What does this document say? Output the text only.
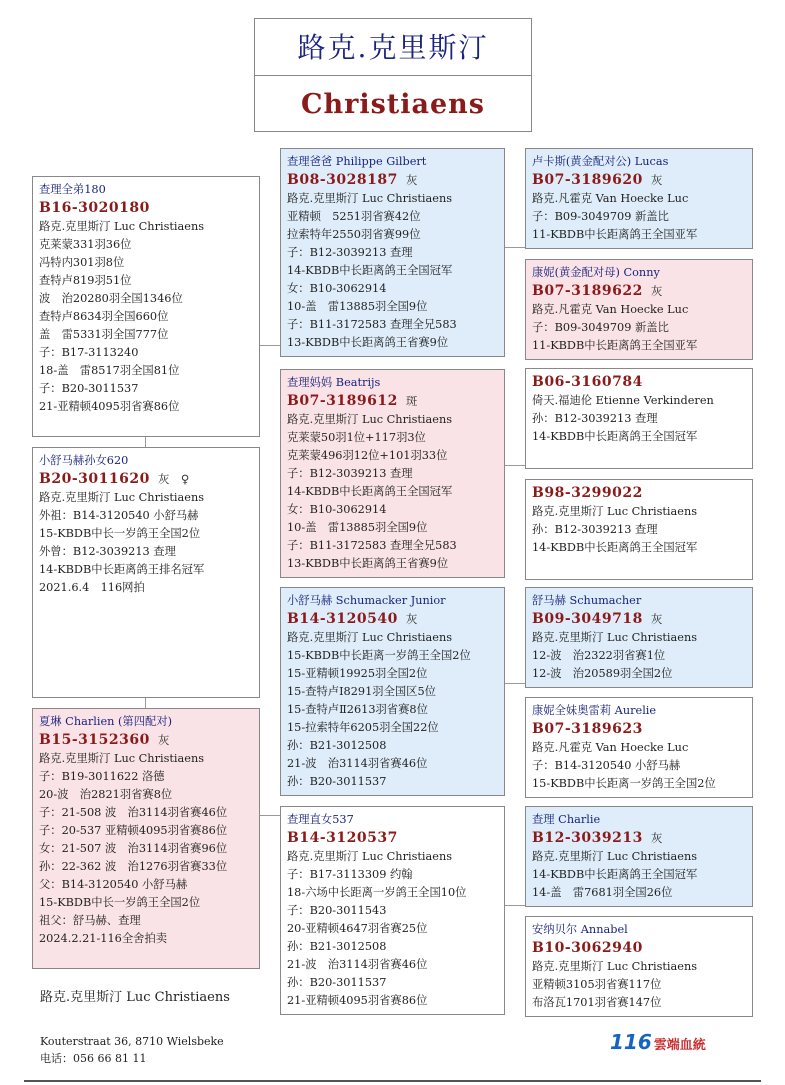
路克.克里斯汀
Christiaens
查理全弟180
B16-3020180
路克.克里斯汀 Luc Christiaens
克莱蒙331羽36位
冯特内301羽8位
查特卢819羽51位
波　治20280羽全国1346位
查特卢8634羽全国660位
盖　雷5331羽全国777位
子：B17-3113240
18-盖　雷8517羽全国81位
子：B20-3011537
21-亚精顿4095羽省赛86位
小舒马赫孙女620
B20-3011620 灰　♀
路克.克里斯汀 Luc Christiaens
外祖：B14-3120540 小舒马赫
15-KBDB中长一岁鸽王全国2位
外曾：B12-3039213 查理
14-KBDB中长距离鸽王排名冠军
2021.6.4　116网拍
夏琳 Charlien (第四配对)
B15-3152360 灰
路克.克里斯汀 Luc Christiaens
子：B19-3011622 洛德
20-波　治2821羽省赛8位
子：21-508 波　治3114羽省赛46位
子：20-537 亚精顿4095羽省赛86位
女：21-507 波　治3114羽省赛96位
孙：22-362 波　治1276羽省赛33位
父：B14-3120540 小舒马赫
15-KBDB中长一岁鸽王全国2位
祖父：舒马赫、查理
2024.2.21-116全舍拍卖
查理爸爸 Philippe Gilbert
B08-3028187 灰
路克.克里斯汀 Luc Christiaens
亚精顿　5251羽省赛42位
拉索特年2550羽省赛99位
子：B12-3039213 查理
14-KBDB中长距离鸽王全国冠军
女：B10-3062914
10-盖　雷13885羽全国9位
子：B11-3172583 查理全兄583
13-KBDB中长距离鸽王省赛9位
查理妈妈 Beatrijs
B07-3189612 斑
路克.克里斯汀 Luc Christiaens
克莱蒙50羽1位+117羽3位
克莱蒙496羽12位+101羽33位
子：B12-3039213 查理
14-KBDB中长距离鸽王全国冠军
女：B10-3062914
10-盖　雷13885羽全国9位
子：B11-3172583 查理全兄583
13-KBDB中长距离鸽王省赛9位
小舒马赫 Schumacker Junior
B14-3120540 灰
路克.克里斯汀 Luc Christiaens
15-KBDB中长距离一岁鸽王全国2位
15-亚精顿19925羽全国2位
15-查特卢Ⅰ8291羽全国区5位
15-查特卢Ⅱ2613羽省赛8位
15-拉索特年6205羽全国22位
孙：B21-3012508
21-波　治3114羽省赛46位
孙：B20-3011537
查理直女537
B14-3120537
路克.克里斯汀 Luc Christiaens
子：B17-3113309 约翰
18-六场中长距离一岁鸽王全国10位
子：B20-3011543
20-亚精顿4647羽省赛25位
孙：B21-3012508
21-波　治3114羽省赛46位
孙：B20-3011537
21-亚精顿4095羽省赛86位
卢卡斯(黄金配对公) Lucas
B07-3189620 灰
路克.凡霍克 Van Hoecke Luc
子：B09-3049709 新盖比
11-KBDB中长距离鸽王全国亚军
康妮(黄金配对母) Conny
B07-3189622 灰
路克.凡霍克 Van Hoecke Luc
子：B09-3049709 新盖比
11-KBDB中长距离鸽王全国亚军
B06-3160784
倚天.福迪伦 Etienne Verkinderen
孙：B12-3039213 查理
14-KBDB中长距离鸽王全国冠军
B98-3299022
路克.克里斯汀 Luc Christiaens
孙：B12-3039213 查理
14-KBDB中长距离鸽王全国冠军
舒马赫 Schumacher
B09-3049718 灰
路克.克里斯汀 Luc Christiaens
12-波　治2322羽省赛1位
12-波　治20589羽全国2位
康妮全妹奥雷莉 Aurelie
B07-3189623
路克.凡霍克 Van Hoecke Luc
子：B14-3120540 小舒马赫
15-KBDB中长距离一岁鸽王全国2位
查理 Charlie
B12-3039213 灰
路克.克里斯汀 Luc Christiaens
14-KBDB中长距离鸽王全国冠军
14-盖　雷7681羽全国26位
安纳贝尔 Annabel
B10-3062940
路克.克里斯汀 Luc Christiaens
亚精顿3105羽省赛117位
布洛瓦1701羽省赛147位
路克.克里斯汀 Luc Christiaens
Kouterstraat 36, 8710 Wielsbeke
电话：056 66 81 11
116 雲端血統
